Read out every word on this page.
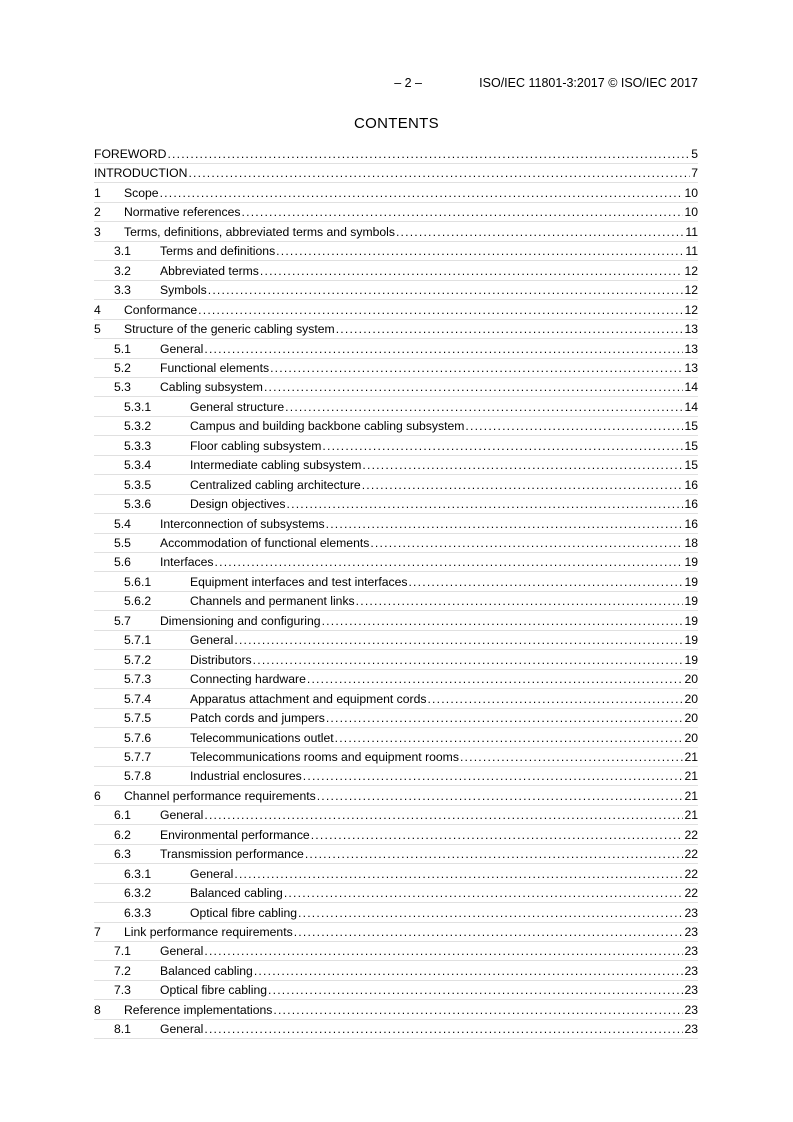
– 2 –	ISO/IEC 11801-3:2017 © ISO/IEC 2017
CONTENTS
FOREWORD .....	5
INTRODUCTION .....	7
1	Scope .....	10
2	Normative references .....	10
3	Terms, definitions, abbreviated terms and symbols .....	11
3.1	Terms and definitions .....	11
3.2	Abbreviated terms .....	12
3.3	Symbols .....	12
4	Conformance .....	12
5	Structure of the generic cabling system .....	13
5.1	General .....	13
5.2	Functional elements .....	13
5.3	Cabling subsystem .....	14
5.3.1	General structure .....	14
5.3.2	Campus and building backbone cabling subsystem .....	15
5.3.3	Floor cabling subsystem .....	15
5.3.4	Intermediate cabling subsystem .....	15
5.3.5	Centralized cabling architecture .....	16
5.3.6	Design objectives .....	16
5.4	Interconnection of subsystems .....	16
5.5	Accommodation of functional elements .....	18
5.6	Interfaces .....	19
5.6.1	Equipment interfaces and test interfaces .....	19
5.6.2	Channels and permanent links .....	19
5.7	Dimensioning and configuring .....	19
5.7.1	General .....	19
5.7.2	Distributors .....	19
5.7.3	Connecting hardware .....	20
5.7.4	Apparatus attachment and equipment cords .....	20
5.7.5	Patch cords and jumpers .....	20
5.7.6	Telecommunications outlet .....	20
5.7.7	Telecommunications rooms and equipment rooms .....	21
5.7.8	Industrial enclosures .....	21
6	Channel performance requirements .....	21
6.1	General .....	21
6.2	Environmental performance .....	22
6.3	Transmission performance .....	22
6.3.1	General .....	22
6.3.2	Balanced cabling .....	22
6.3.3	Optical fibre cabling .....	23
7	Link performance requirements .....	23
7.1	General .....	23
7.2	Balanced cabling .....	23
7.3	Optical fibre cabling .....	23
8	Reference implementations .....	23
8.1	General .....	23
